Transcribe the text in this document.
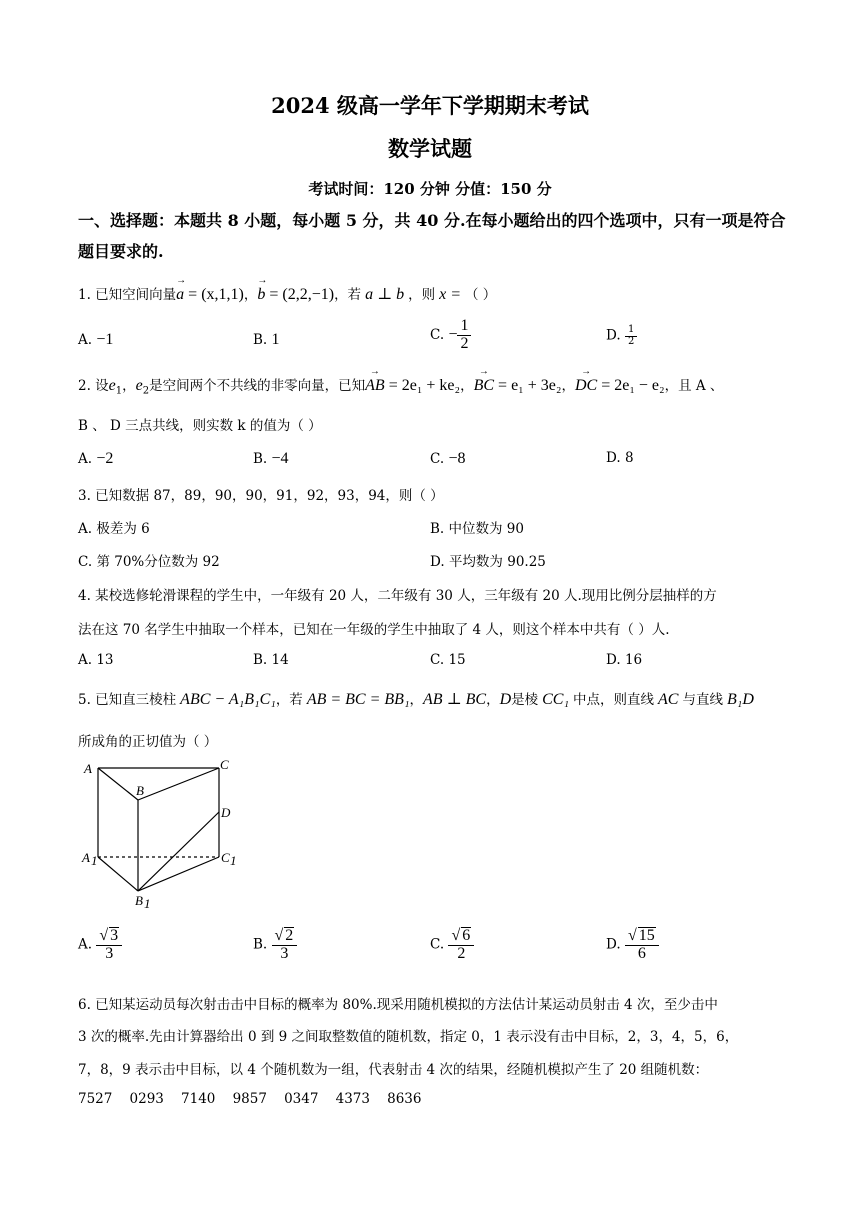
2024 级高一学年下学期期末考试
数学试题
考试时间：120 分钟 分值：150 分
一、选择题：本题共 8 小题，每小题 5 分，共 40 分.在每小题给出的四个选项中，只有一项是符合题目要求的.
1. 已知空间向量→ a = (x,1,1)，→ b = (2,2,−1)，若 a ⊥ b ，则 x = （ ）
A. −1	B. 1	C. − $\frac{1}{2}$	D. $\frac{1}{2}$
2. 设$e_1$，$e_2$是空间两个不共线的非零向量，已知→ AB = 2e₁ + ke₂，→ BC = e₁ + 3e₂，→ DC = 2e₁ − e₂，且 A 、
B 、 D 三点共线，则实数 k 的值为（ ）
A. −2	B. −4	C. −8	D. 8
3. 已知数据 87，89，90，90，91，92，93，94，则（ ）
A. 极差为 6	B. 中位数为 90
C. 第 70%分位数为 92	D. 平均数为 90.25
4. 某校选修轮滑课程的学生中，一年级有 20 人，二年级有 30 人，三年级有 20 人.现用比例分层抽样的方
法在这 70 名学生中抽取一个样本，已知在一年级的学生中抽取了 4 人，则这个样本中共有（ ）人.
A. 13	B. 14	C. 15	D. 16
5. 已知直三棱柱 ABC − A₁B₁C₁，若 AB = BC = BB₁，AB ⊥ BC，D是棱 CC₁ 中点，则直线 AC 与直线 B₁D
所成角的正切值为（ ）
A
B
C
D
A 1
B 1
C 1
A. $\frac{√ 3}{3}$	B. $\frac{√ 2}{3}$	C. $\frac{√ 6}{2}$	D. $\frac{√ 15}{6}$
6. 已知某运动员每次射击击中目标的概率为 80%.现采用随机模拟的方法估计某运动员射击 4 次，至少击中
3 次的概率.先由计算器给出 0 到 9 之间取整数值的随机数，指定 0，1 表示没有击中目标，2，3，4，5，6，
7，8，9 表示击中目标，以 4 个随机数为一组，代表射击 4 次的结果，经随机模拟产生了 20 组随机数：
7527    0293    7140    9857    0347    4373    8636
